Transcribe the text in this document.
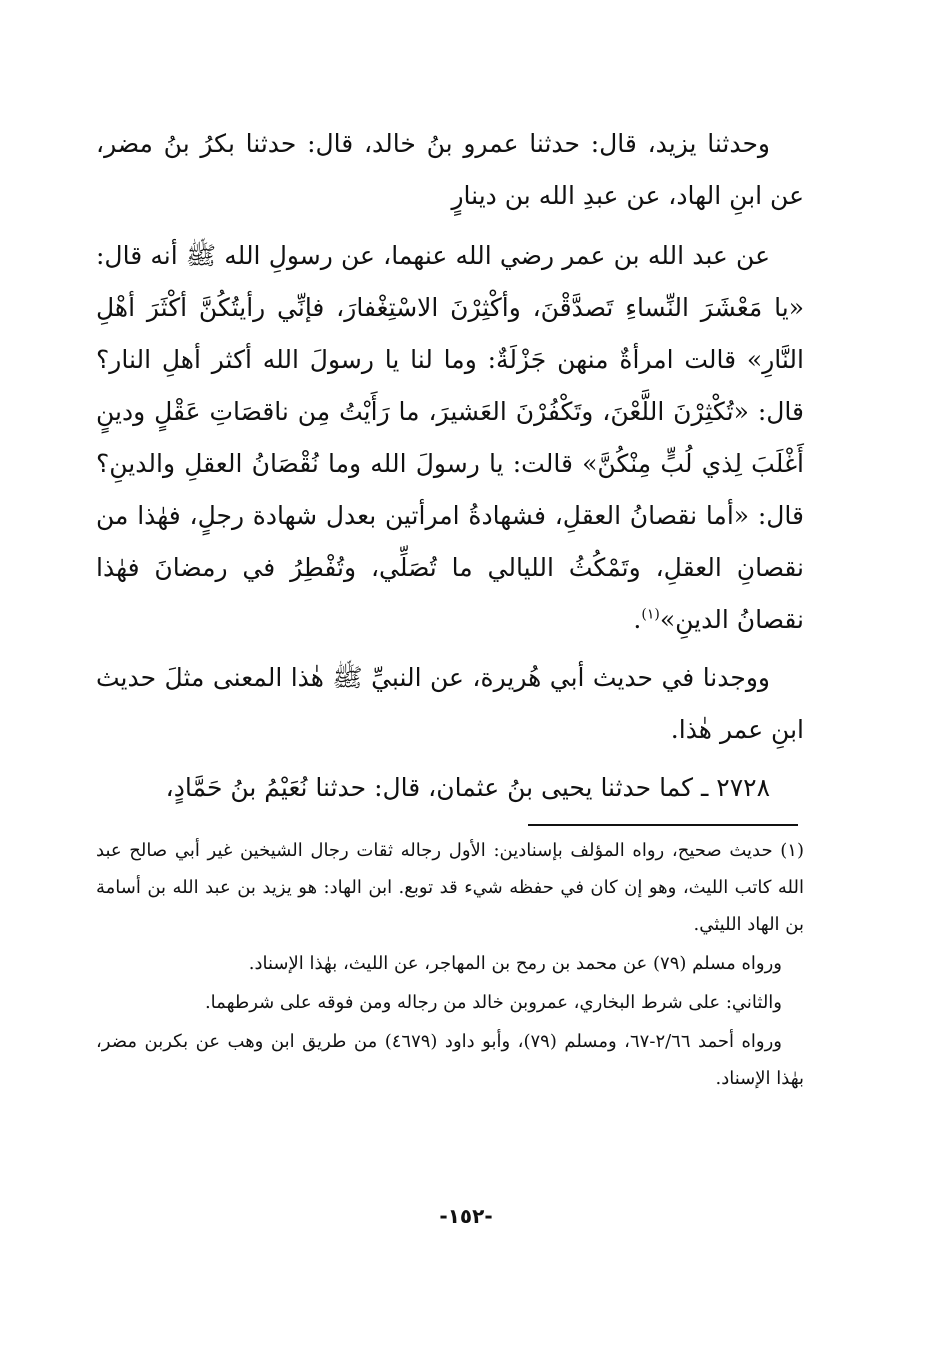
وحدثنا يزيد، قال: حدثنا عمرو بنُ خالد، قال: حدثنا بكرُ بنُ مضر، عن ابنِ الهاد، عن عبدِ الله بن دينارٍ

عن عبد الله بن عمر رضي الله عنهما، عن رسولِ الله ﷺ أنه قال: «يا مَعْشَرَ النِّساءِ تَصدَّقْنَ، وأكْثِرْنَ الاسْتِغْفارَ، فإنِّي رأيتُكُنَّ أكْثَرَ أهْلِ النَّارِ» قالت امرأةٌ منهن جَزْلَةٌ: وما لنا يا رسولَ الله أكثر أهلِ النار؟ قال: «تُكْثِرْنَ اللَّعْنَ، وتَكْفُرْنَ العَشيرَ، ما رَأَيْتُ مِن ناقصَاتِ عَقْلٍ ودينٍ أَغْلَبَ لِذي لُبٍّ مِنْكُنَّ» قالت: يا رسولَ الله وما نُقْصَانُ العقلِ والدينِ؟ قال: «أما نقصانُ العقلِ، فشهادةُ امرأتين بعدل شهادة رجلٍ، فهٰذا من نقصانِ العقلِ، وتَمْكُثُ الليالي ما تُصَلِّي، وتُفْطِرُ في رمضانَ فهٰذا نقصانُ الدينِ»$^{(١)}$.

ووجدنا في حديث أبي هُريرة، عن النبيِّ ﷺ هٰذا المعنى مثلَ حديث ابنِ عمر هٰذا.

٢٧٢٨ ـ كما حدثنا يحيى بنُ عثمان، قال: حدثنا نُعَيْمُ بنُ حَمَّادٍ،

(١) حديث صحيح، رواه المؤلف بإسنادين: الأول رجاله ثقات رجال الشيخين غير أبي صالح عبد الله كاتب الليث، وهو إن كان في حفظه شيء قد توبع. ابن الهاد: هو يزيد بن عبد الله بن أسامة بن الهاد الليثي.

ورواه مسلم (٧٩) عن محمد بن رمح بن المهاجر، عن الليث، بهٰذا الإسناد.

والثاني: على شرط البخاري، عمروبن خالد من رجاله ومن فوقه على شرطهما.

ورواه أحمد ٢/٦٦-٦٧، ومسلم (٧٩)، وأبو داود (٤٦٧٩) من طريق ابن وهب عن بكربن مضر، بهٰذا الإسناد.

-١٥٢-
